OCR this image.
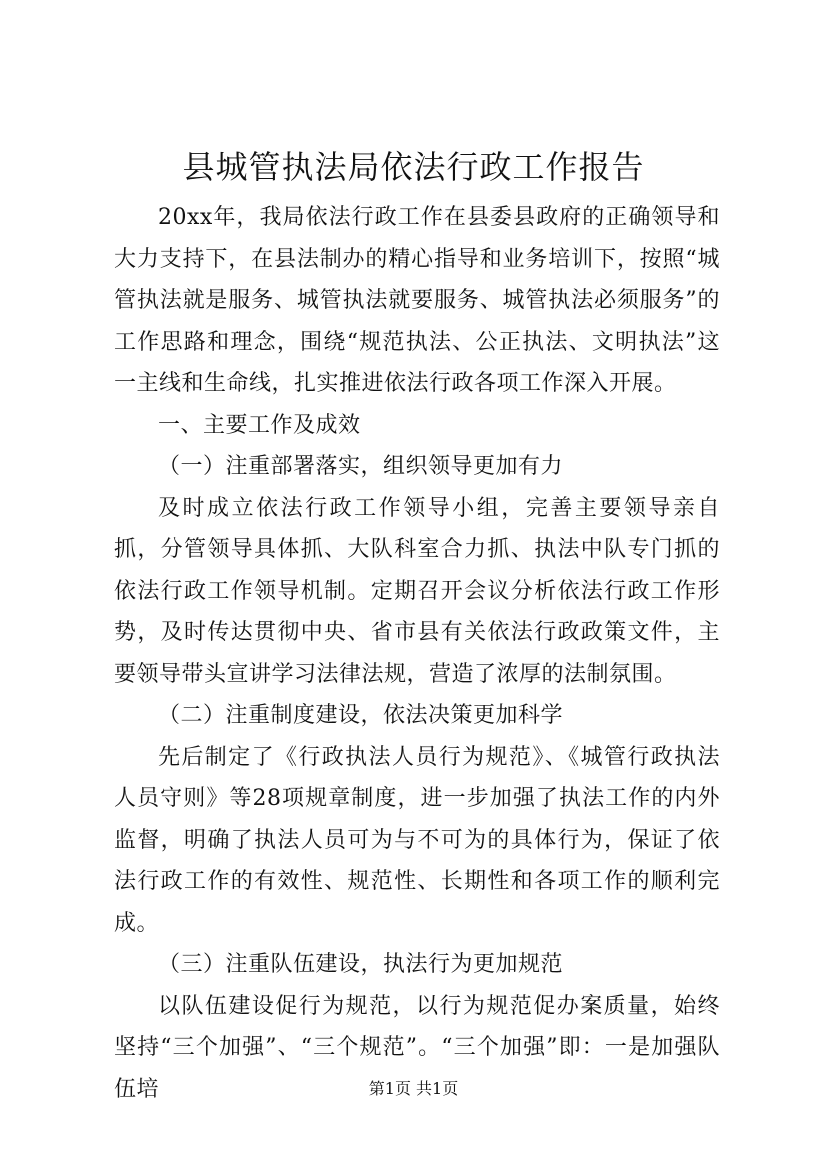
县城管执法局依法行政工作报告

20xx年，我局依法行政工作在县委县政府的正确领导和大力支持下，在县法制办的精心指导和业务培训下，按照“城管执法就是服务、城管执法就要服务、城管执法必须服务”的工作思路和理念，围绕“规范执法、公正执法、文明执法”这一主线和生命线，扎实推进依法行政各项工作深入开展。

一、主要工作及成效

（一）注重部署落实，组织领导更加有力

及时成立依法行政工作领导小组，完善主要领导亲自抓，分管领导具体抓、大队科室合力抓、执法中队专门抓的依法行政工作领导机制。定期召开会议分析依法行政工作形势，及时传达贯彻中央、省市县有关依法行政政策文件，主要领导带头宣讲学习法律法规，营造了浓厚的法制氛围。

（二）注重制度建设，依法决策更加科学

先后制定了《行政执法人员行为规范》、《城管行政执法人员守则》等28项规章制度，进一步加强了执法工作的内外监督，明确了执法人员可为与不可为的具体行为，保证了依法行政工作的有效性、规范性、长期性和各项工作的顺利完成。

（三）注重队伍建设，执法行为更加规范

以队伍建设促行为规范，以行为规范促办案质量，始终坚持“三个加强”、“三个规范”。“三个加强”即：一是加强队伍培	第1页 共1页
